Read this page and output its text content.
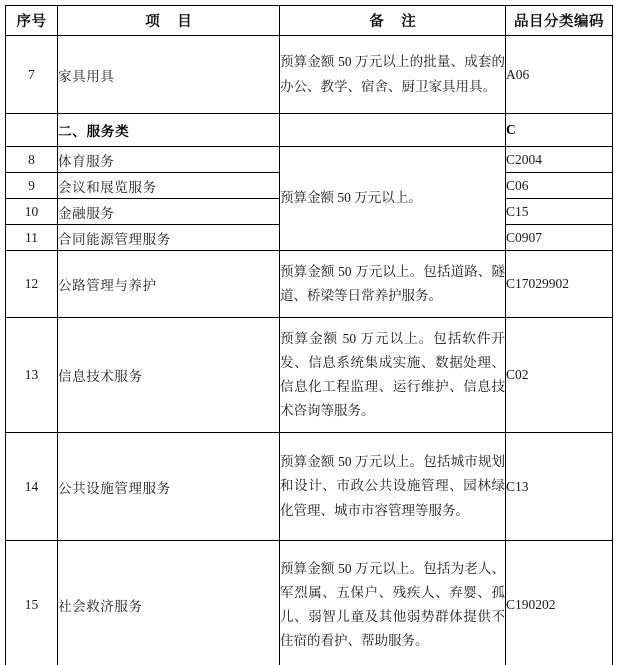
序号	项 目	备 注	品目分类编码
7	家具用具	预算金额 50 万元以上的批量、成套的办公、教学、宿舍、厨卫家具用具。	A06
	二、服务类		C
8	体育服务	预算金额 50 万元以上。	C2004
9	会议和展览服务		C06
10	金融服务		C15
11	合同能源管理服务		C0907
12	公路管理与养护	预算金额 50 万元以上。包括道路、隧道、桥梁等日常养护服务。	C17029902
13	信息技术服务	预算金额 50 万元以上。包括软件开发、信息系统集成实施、数据处理、信息化工程监理、运行维护、信息技术咨询等服务。	C02
14	公共设施管理服务	预算金额 50 万元以上。包括城市规划和设计、市政公共设施管理、园林绿化管理、城市市容管理等服务。	C13
15	社会救济服务	预算金额 50 万元以上。包括为老人、军烈属、五保户、残疾人、弃婴、孤儿、弱智儿童及其他弱势群体提供不住宿的看护、帮助服务。	C190202
